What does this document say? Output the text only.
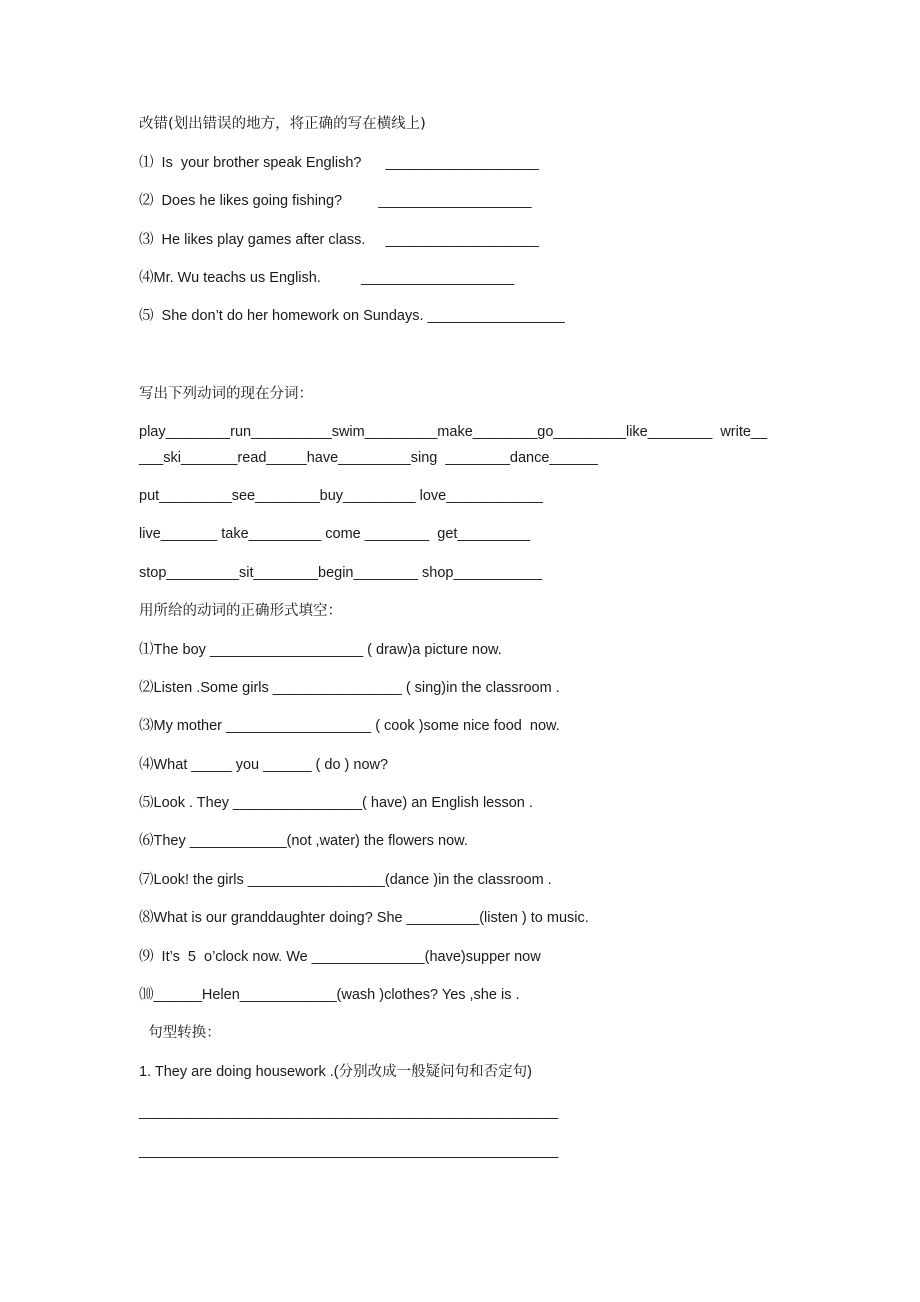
改错(划出错误的地方，将正确的写在横线上)
⑴  Is  your brother speak English?      ___________________
⑵  Does he likes going fishing?         ___________________
⑶  He likes play games after class.     ___________________
⑷Mr. Wu teachs us English.          ___________________
⑸  She don’t do her homework on Sundays. _________________
写出下列动词的现在分词：
play________run__________swim_________make________go_________like________  write__
___ski_______read_____have_________sing  ________dance______
put_________see________buy_________ love____________
live_______ take_________ come ________  get_________
stop_________sit________begin________ shop___________
用所给的动词的正确形式填空：
⑴The boy ___________________ ( draw)a picture now.
⑵Listen .Some girls ________________ ( sing)in the classroom .
⑶My mother __________________ ( cook )some nice food  now.
⑷What _____ you ______ ( do ) now?
⑸Look . They ________________( have) an English lesson .
⑹They ____________(not ,water) the flowers now.
⑺Look! the girls _________________(dance )in the classroom .
⑻What is our granddaughter doing? She _________(listen ) to music.
⑼  It’s  5  o’clock now. We ______________(have)supper now
⑽______Helen____________(wash )clothes? Yes ,she is .
句型转换：
1. They are doing housework .(分别改成一般疑问句和否定句)
____________________________________________________
____________________________________________________
